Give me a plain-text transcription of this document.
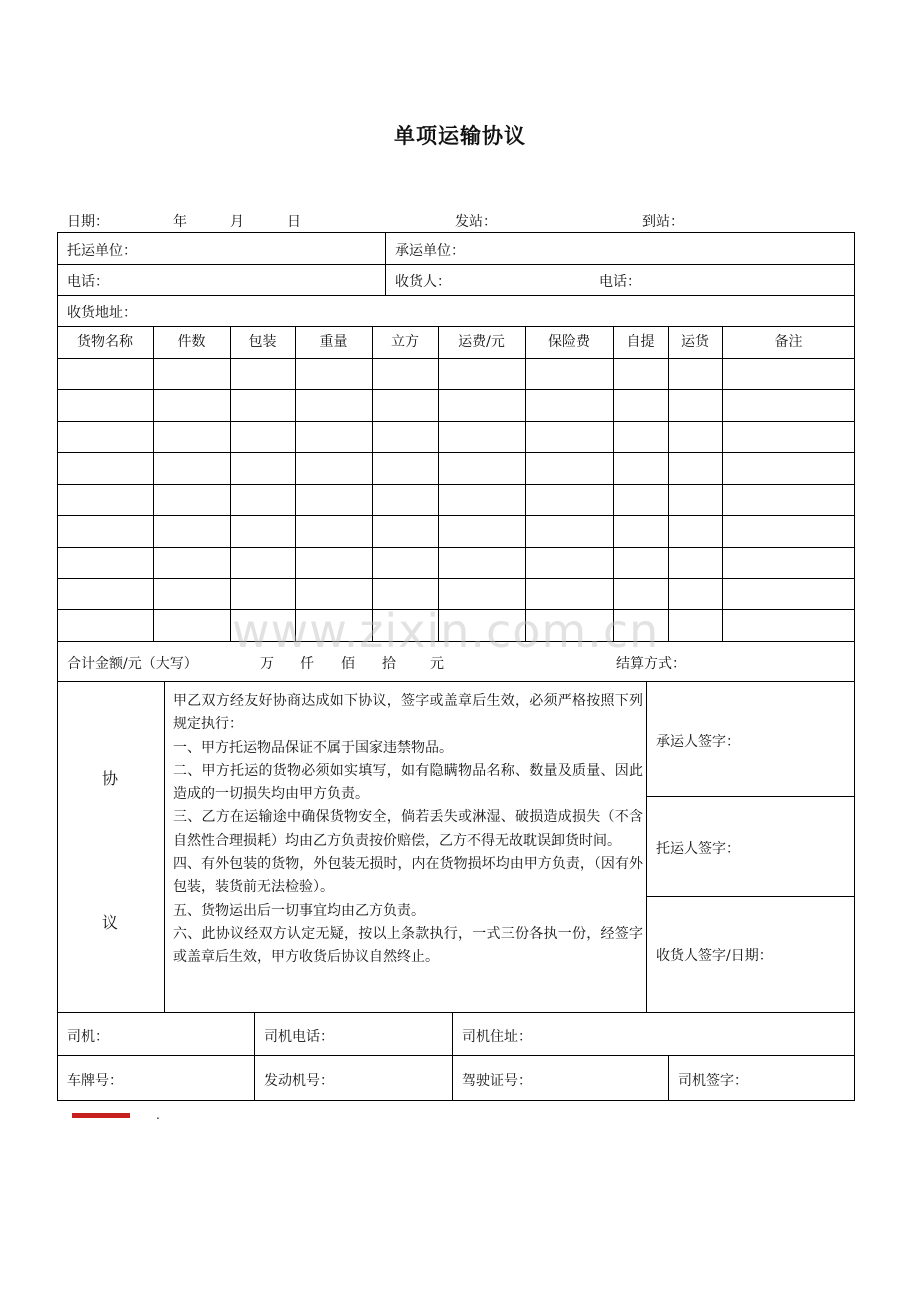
单项运输协议
日期：	年	月	日	发站：	到站：
托运单位：	承运单位：
电话：	收货人：	电话：
收货地址：
货物名称	件数	包装	重量	立方	运费/元	保险费	自提	运货	备注
合计金额/元（大写）	万 仟 佰 拾 元	结算方式：
协
议

甲乙双方经友好协商达成如下协议，签字或盖章后生效，必须严格按照下列规定执行：

一、甲方托运物品保证不属于国家违禁物品。

二、甲方托运的货物必须如实填写，如有隐瞒物品名称、数量及质量、因此造成的一切损失均由甲方负责。

三、乙方在运输途中确保货物安全，倘若丢失或淋湿、破损造成损失（不含自然性合理损耗）均由乙方负责按价赔偿，乙方不得无故耽误卸货时间。

四、有外包装的货物，外包装无损时，内在货物损坏均由甲方负责，（因有外包装，装货前无法检验）。

五、货物运出后一切事宜均由乙方负责。

六、此协议经双方认定无疑，按以上条款执行，一式三份各执一份，经签字或盖章后生效，甲方收货后协议自然终止。

承运人签字：
托运人签字：
收货人签字/日期：
司机：	司机电话：	司机住址：
车牌号：	发动机号：	驾驶证号：	司机签字：
www.zixin.com.cn
.
